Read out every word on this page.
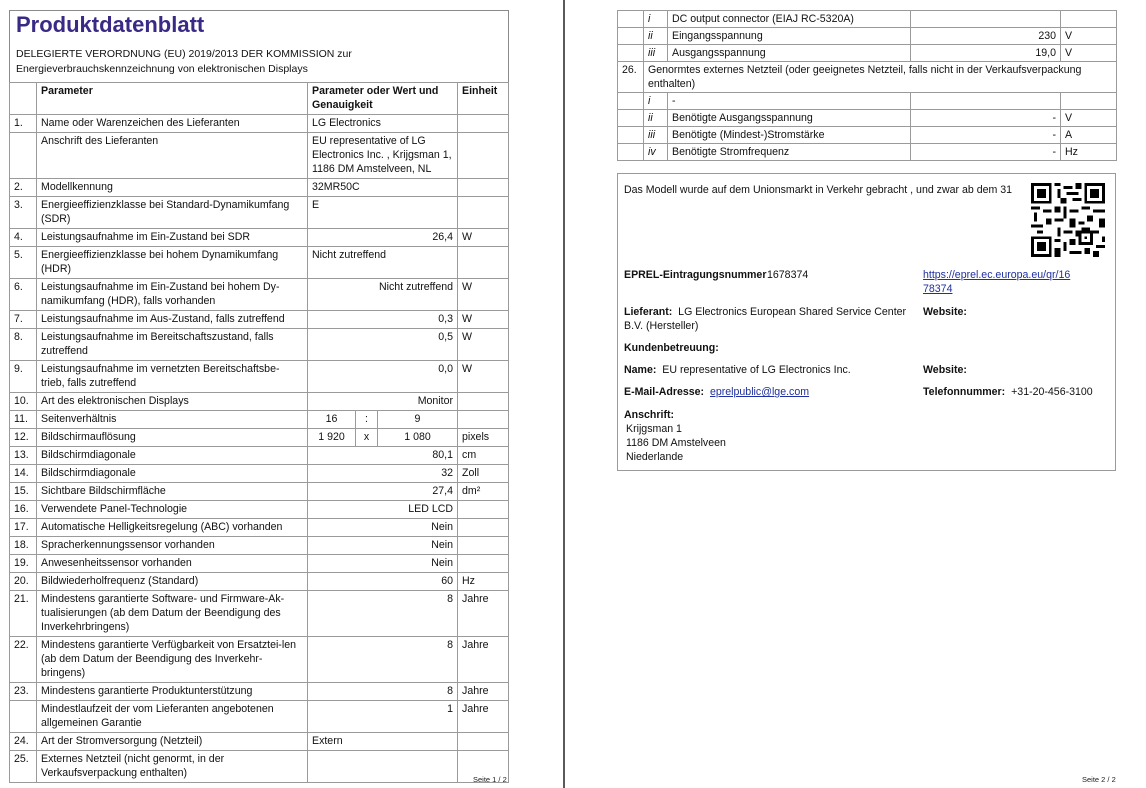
Produktdatenblatt
DELEGIERTE VERORDNUNG (EU) 2019/2013 DER KOMMISSION zur Energieverbrauchskennzeichnung von elektronischen Displays
	Parameter	Parameter oder Wert und Genauigkeit			Einheit
1.	Name oder Warenzeichen des Lieferanten	LG Electronics			
	Anschrift des Lieferanten	EU representative of LG Electronics Inc. , Krijgsman 1, 1186 DM Amstelveen, NL			
2.	Modellkennung	32MR50C			
3.	Energieeffizienzklasse bei Standard-Dynamikumfang (SDR)	E			
4.	Leistungsaufnahme im Ein-Zustand bei SDR	26,4			W
5.	Energieeffizienzklasse bei hohem Dynamikumfang (HDR)	Nicht zutreffend			
6.	Leistungsaufnahme im Ein-Zustand bei hohem Dy-namikumfang (HDR), falls vorhanden	Nicht zutreffend			W
7.	Leistungsaufnahme im Aus-Zustand, falls zutreffend	0,3			W
8.	Leistungsaufnahme im Bereitschaftszustand, falls zutreffend	0,5			W
9.	Leistungsaufnahme im vernetzten Bereitschaftsbe-trieb, falls zutreffend	0,0			W
10.	Art des elektronischen Displays	Monitor			
11.	Seitenverhältnis	16	:	9	
12.	Bildschirmauflösung	1 920	x	1 080	pixels
13.	Bildschirmdiagonale	80,1			cm
14.	Bildschirmdiagonale	32			Zoll
15.	Sichtbare Bildschirmfläche	27,4			dm²
16.	Verwendete Panel-Technologie	LED LCD			
17.	Automatische Helligkeitsregelung (ABC) vorhanden	Nein			
18.	Spracherkennungssensor vorhanden	Nein			
19.	Anwesenheitssensor vorhanden	Nein			
20.	Bildwiederholfrequenz (Standard)	60			Hz
21.	Mindestens garantierte Software- und Firmware-Ak-tualisierungen (ab dem Datum der Beendigung des Inverkehrbringens)	8			Jahre
22.	Mindestens garantierte Verfügbarkeit von Ersatztei-len (ab dem Datum der Beendigung des Inverkehr-bringens)	8			Jahre
23.	Mindestens garantierte Produktunterstützung	8			Jahre
	Mindestlaufzeit der vom Lieferanten angebotenen allgemeinen Garantie	1			Jahre
24.	Art der Stromversorgung (Netzteil)	Extern			
25.	Externes Netzteil (nicht genormt, in der Verkaufsverpackung enthalten)				
Seite 1 / 2
	i	DC output connector (EIAJ RC-5320A)		
	ii	Eingangsspannung	230	V
	iii	Ausgangsspannung	19,0	V
26.	Genormtes externes Netzteil (oder geeignetes Netzteil, falls nicht in der Verkaufsverpackung enthalten)			
	i	-		
	ii	Benötigte Ausgangsspannung	-	V
	iii	Benötigte (Mindest-)Stromstärke	-	A
	iv	Benötigte Stromfrequenz	-	Hz
Das Modell wurde auf dem Unionsmarkt in Verkehr gebracht , und zwar ab dem 31
EPREL-Eintragungsnummer 1678374	https://eprel.ec.europa.eu/qr/16
78374
Lieferant: LG Electronics European Shared Service Center B.V. (Hersteller)
Website:
Kundenbetreuung:
Name: EU representative of LG Electronics Inc.	Website:
E-Mail-Adresse: eprelpublic@lge.com	Telefonnummer: +31-20-456-3100
Anschrift:
Krijgsman 1
1186 DM Amstelveen
Niederlande
Seite 2 / 2
